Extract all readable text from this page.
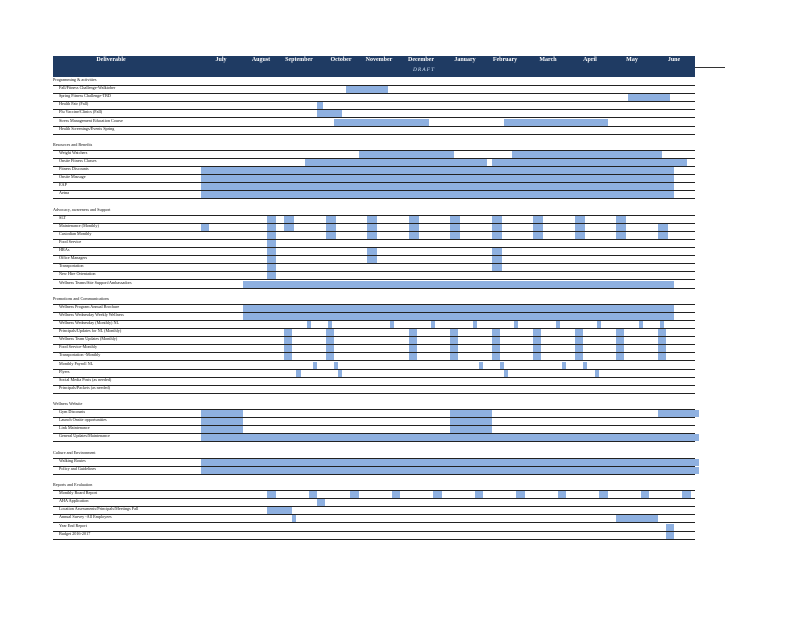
Deliverable	July	August September	October November	December	January	February	March	April	May	June
DRAFT
Programming & activities
Fall/Fitness Challenge-Walktober
Spring Fitness Challenge-TBD
Health Fair (Fall)
Flu Vaccine/Clinics (Fall)
Stress Management Education Course
Health Screenings/Events Spring
Resources and Benefits
Weight Watchers
Onsite Fitness Classes
Fitness Discounts
Onsite Massage
EAP
Aetna
Advocacy, awareness and Support
SLT
Maintenance (Monthly)
Custodian Monthly
Food Service
HRAs
Office Managers
Transportation
New Hire Orientation
Wellness Teams/Site Support/Ambassadors
Promotions and Communications
Wellness Program Annual Brochure
Wellness Wednesday Weekly Wellness
Wellness Wednesday (Monthly) NL
Principals/Updates for NL (Monthly)
Wellness Team Updates (Monthly)
Food Service-Monthly
Transportation -Monthly
Monthly Payroll NL
Flyers
Social Media Posts (as needed)
Principals/Packets (as needed)
Wellness Website
Gym Discounts
Launch Onsite opportunities
Link Maintenance
General Updates/Maintenance
Culture and Environment
Walking Routes
Policy and Guidelines
Reports and Evaluation
Monthly Board Report
AHA Application
Location Assessments/Principals/Meetings Fall
Annual Survey -All Employees
Year End Report
Budget 2016-2017
